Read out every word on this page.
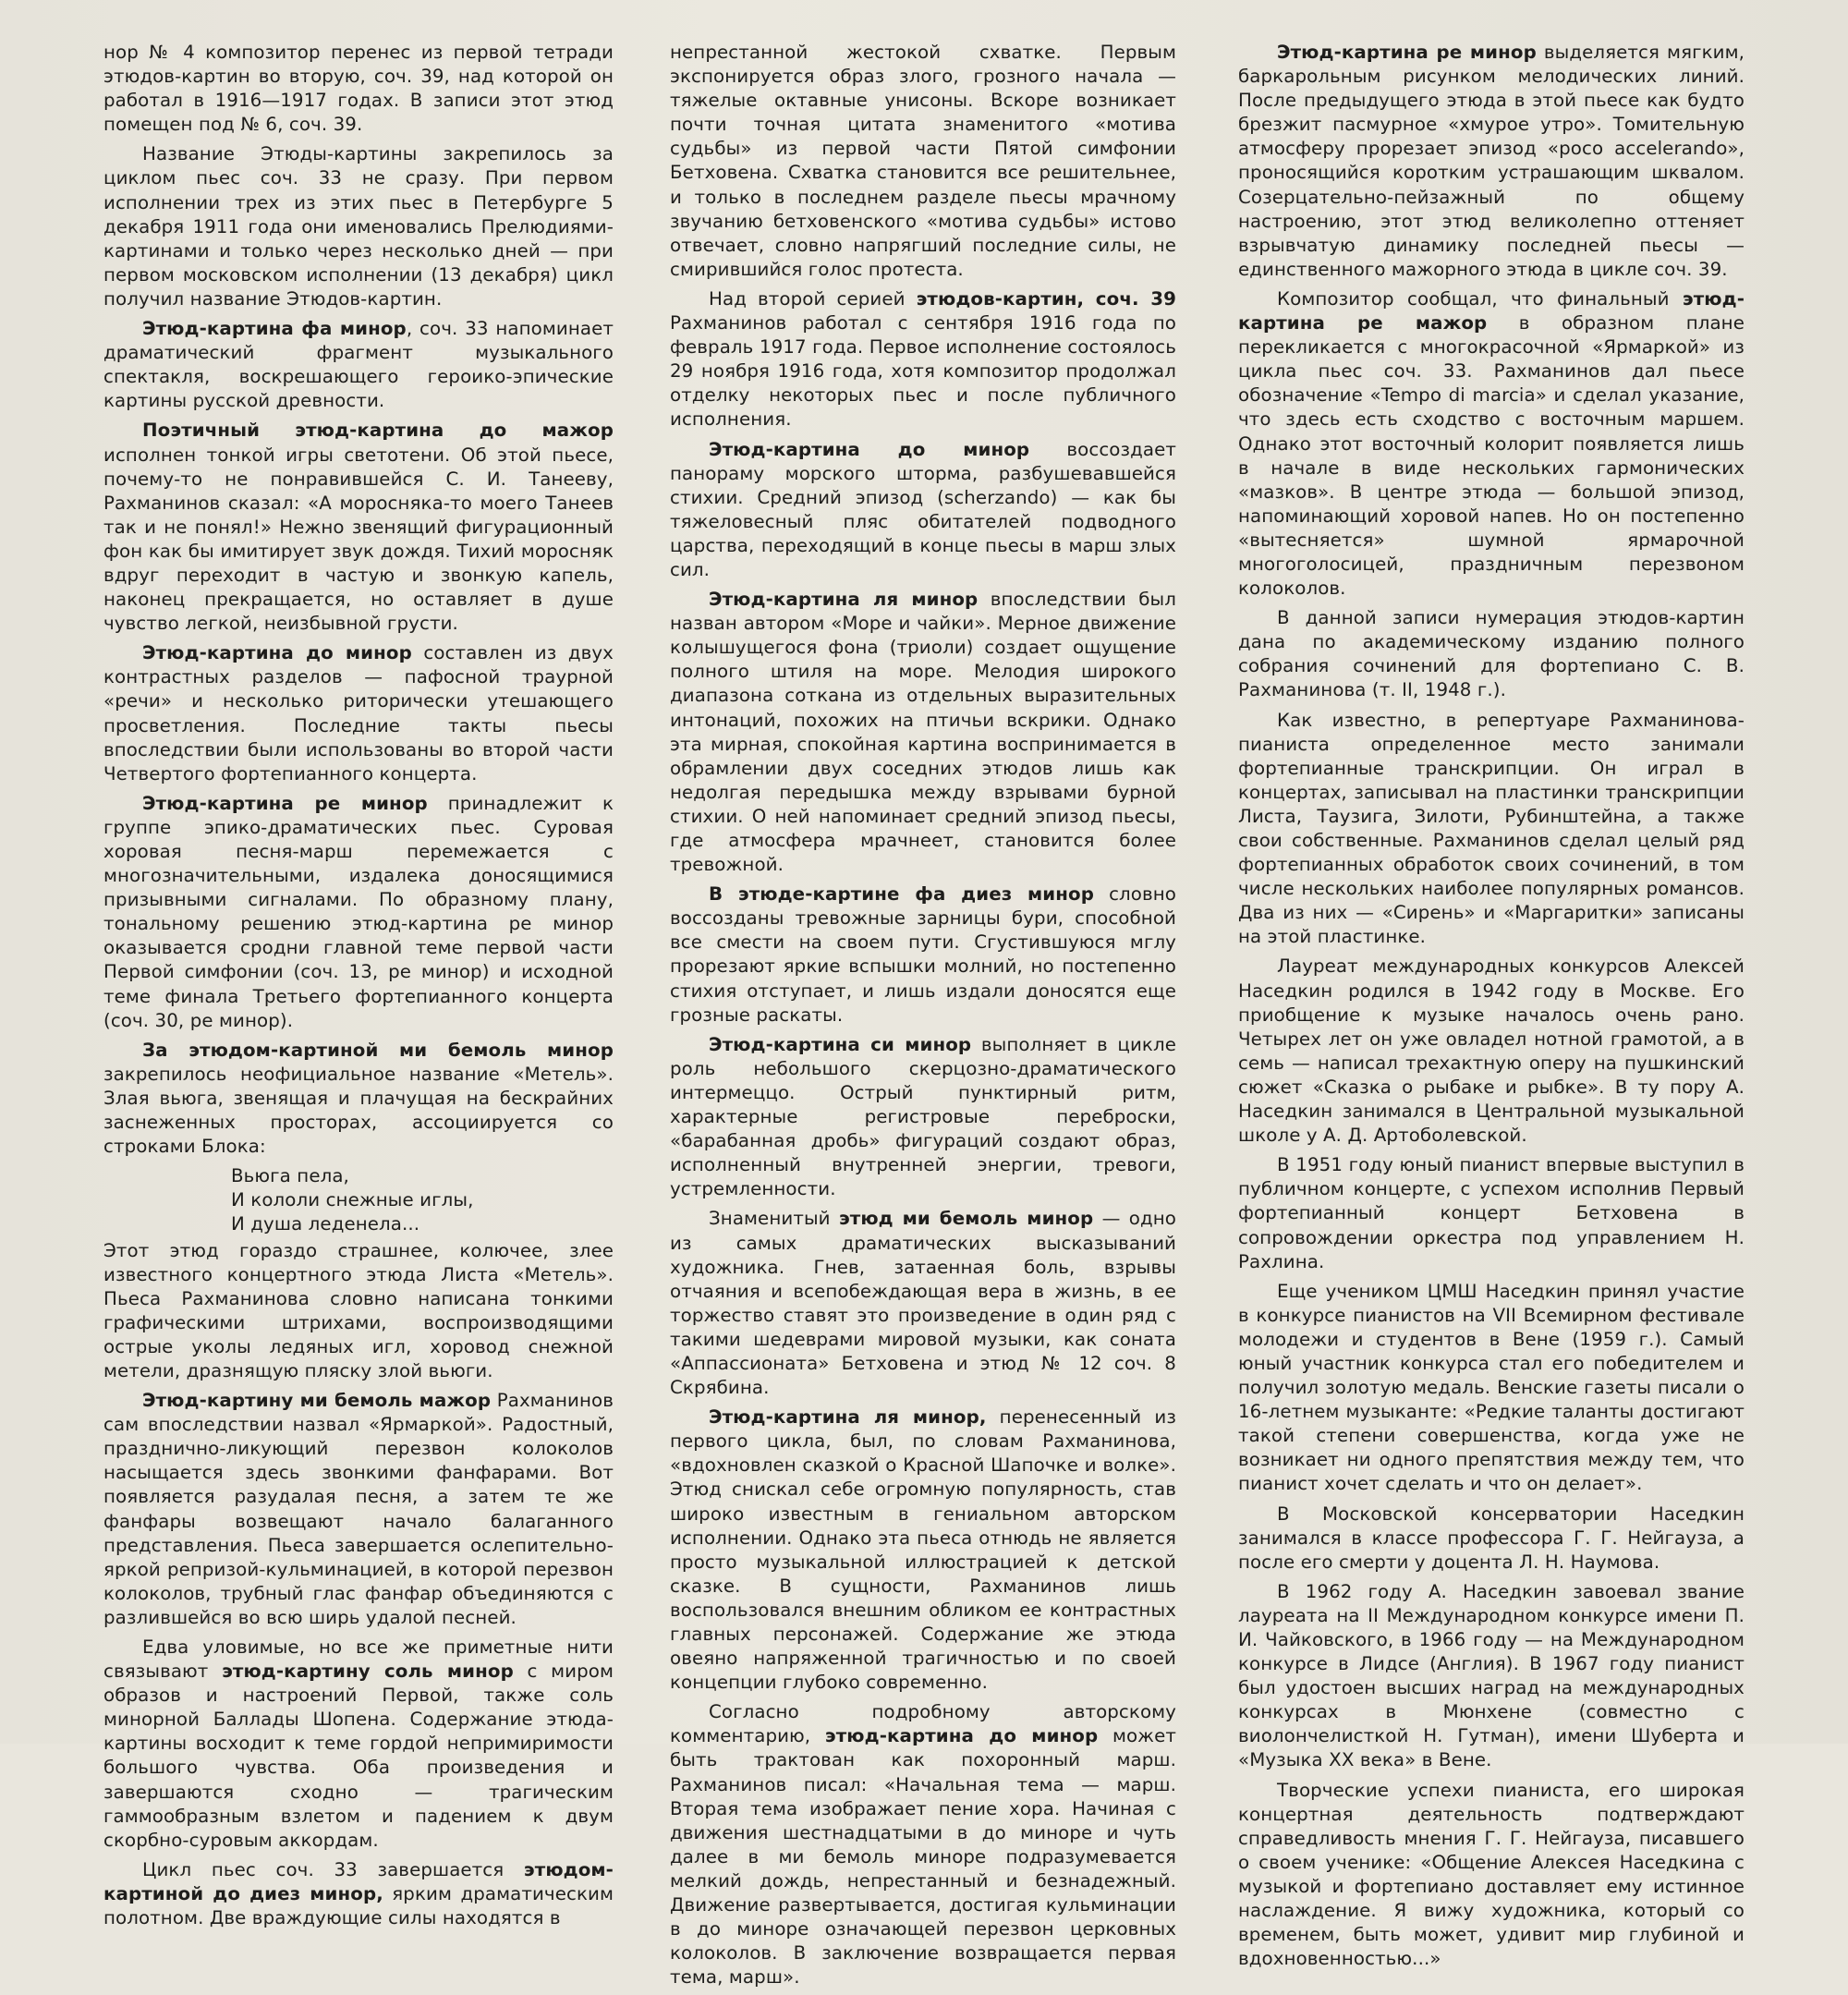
нор № 4 композитор перенес из первой тетради этюдов-картин во вторую, соч. 39, над которой он работал в 1916—1917 годах. В записи этот этюд помещен под № 6, соч. 39.

Название Этюды-картины закрепилось за циклом пьес соч. 33 не сразу. При первом исполнении трех из этих пьес в Петербурге 5 декабря 1911 года они именовались Прелюдиями-картинами и только через несколько дней — при первом московском исполнении (13 декабря) цикл получил название Этюдов-картин.

Этюд-картина фа минор, соч. 33 напоминает драматический фрагмент музыкального спектакля, воскрешающего героико-эпические картины русской древности.

Поэтичный этюд-картина до мажор исполнен тонкой игры светотени. Об этой пьесе, почему-то не понравившейся С. И. Танееву, Рахманинов сказал: «А моросняка-то моего Танеев так и не понял!» Нежно звенящий фигурационный фон как бы имитирует звук дождя. Тихий моросняк вдруг переходит в частую и звонкую капель, наконец прекращается, но оставляет в душе чувство легкой, неизбывной грусти.

Этюд-картина до минор составлен из двух контрастных разделов — пафосной траурной «речи» и несколько риторически утешающего просветления. Последние такты пьесы впоследствии были использованы во второй части Четвертого фортепианного концерта.

Этюд-картина ре минор принадлежит к группе эпико-драматических пьес. Суровая хоровая песня-марш перемежается с многозначительными, издалека доносящимися призывными сигналами. По образному плану, тональному решению этюд-картина ре минор оказывается сродни главной теме первой части Первой симфонии (соч. 13, ре минор) и исходной теме финала Третьего фортепианного концерта (соч. 30, ре минор).

За этюдом-картиной ми бемоль минор закрепилось неофициальное название «Метель». Злая вьюга, звенящая и плачущая на бескрайних заснеженных просторах, ассоциируется со строками Блока:

Вьюга пела,
И кололи снежные иглы,
И душа леденела...

Этот этюд гораздо страшнее, колючее, злее известного концертного этюда Листа «Метель». Пьеса Рахманинова словно написана тонкими графическими штрихами, воспроизводящими острые уколы ледяных игл, хоровод снежной метели, дразнящую пляску злой вьюги.

Этюд-картину ми бемоль мажор Рахманинов сам впоследствии назвал «Ярмаркой». Радостный, празднично-ликующий перезвон колоколов насыщается здесь звонкими фанфарами. Вот появляется разудалая песня, а затем те же фанфары возвещают начало балаганного представления. Пьеса завершается ослепительно-яркой репризой-кульминацией, в которой перезвон колоколов, трубный глас фанфар объединяются с разлившейся во всю ширь удалой песней.

Едва уловимые, но все же приметные нити связывают этюд-картину соль минор с миром образов и настроений Первой, также соль минорной Баллады Шопена. Содержание этюда-картины восходит к теме гордой непримиримости большого чувства. Оба произведения и завершаются сходно — трагическим гаммообразным взлетом и падением к двум скорбно-суровым аккордам.

Цикл пьес соч. 33 завершается этюдом-картиной до диез минор, ярким драматическим полотном. Две враждующие силы находятся в

непрестанной жестокой схватке. Первым экспонируется образ злого, грозного начала — тяжелые октавные унисоны. Вскоре возникает почти точная цитата знаменитого «мотива судьбы» из первой части Пятой симфонии Бетховена. Схватка становится все решительнее, и только в последнем разделе пьесы мрачному звучанию бетховенского «мотива судьбы» истово отвечает, словно напрягший последние силы, не смирившийся голос протеста.

Над второй серией этюдов-картин, соч. 39 Рахманинов работал с сентября 1916 года по февраль 1917 года. Первое исполнение состоялось 29 ноября 1916 года, хотя композитор продолжал отделку некоторых пьес и после публичного исполнения.

Этюд-картина до минор воссоздает панораму морского шторма, разбушевавшейся стихии. Средний эпизод (scherzando) — как бы тяжеловесный пляс обитателей подводного царства, переходящий в конце пьесы в марш злых сил.

Этюд-картина ля минор впоследствии был назван автором «Море и чайки». Мерное движение колышущегося фона (триоли) создает ощущение полного штиля на море. Мелодия широкого диапазона соткана из отдельных выразительных интонаций, похожих на птичьи вскрики. Однако эта мирная, спокойная картина воспринимается в обрамлении двух соседних этюдов лишь как недолгая передышка между взрывами бурной стихии. О ней напоминает средний эпизод пьесы, где атмосфера мрачнеет, становится более тревожной.

В этюде-картине фа диез минор словно воссозданы тревожные зарницы бури, способной все смести на своем пути. Сгустившуюся мглу прорезают яркие вспышки молний, но постепенно стихия отступает, и лишь издали доносятся еще грозные раскаты.

Этюд-картина си минор выполняет в цикле роль небольшого скерцозно-драматического интермеццо. Острый пунктирный ритм, характерные регистровые переброски, «барабанная дробь» фигураций создают образ, исполненный внутренней энергии, тревоги, устремленности.

Знаменитый этюд ми бемоль минор — одно из самых драматических высказываний художника. Гнев, затаенная боль, взрывы отчаяния и всепобеждающая вера в жизнь, в ее торжество ставят это произведение в один ряд с такими шедеврами мировой музыки, как соната «Аппассионата» Бетховена и этюд № 12 соч. 8 Скрябина.

Этюд-картина ля минор, перенесенный из первого цикла, был, по словам Рахманинова, «вдохновлен сказкой о Красной Шапочке и волке». Этюд снискал себе огромную популярность, став широко известным в гениальном авторском исполнении. Однако эта пьеса отнюдь не является просто музыкальной иллюстрацией к детской сказке. В сущности, Рахманинов лишь воспользовался внешним обликом ее контрастных главных персонажей. Содержание же этюда овеяно напряженной трагичностью и по своей концепции глубоко современно.

Согласно подробному авторскому комментарию, этюд-картина до минор может быть трактован как похоронный марш. Рахманинов писал: «Начальная тема — марш. Вторая тема изображает пение хора. Начиная с движения шестнадцатыми в до миноре и чуть далее в ми бемоль миноре подразумевается мелкий дождь, непрестанный и безнадежный. Движение развертывается, достигая кульминации в до миноре означающей перезвон церковных колоколов. В заключение возвращается первая тема, марш».

Этюд-картина ре минор выделяется мягким, баркарольным рисунком мелодических линий. После предыдущего этюда в этой пьесе как будто брезжит пасмурное «хмурое утро». Томительную атмосферу прорезает эпизод «poco accelerando», проносящийся коротким устрашающим шквалом. Созерцательно-пейзажный по общему настроению, этот этюд великолепно оттеняет взрывчатую динамику последней пьесы — единственного мажорного этюда в цикле соч. 39.

Композитор сообщал, что финальный этюд-картина ре мажор в образном плане перекликается с многокрасочной «Ярмаркой» из цикла пьес соч. 33. Рахманинов дал пьесе обозначение «Tempo di marcia» и сделал указание, что здесь есть сходство с восточным маршем. Однако этот восточный колорит появляется лишь в начале в виде нескольких гармонических «мазков». В центре этюда — большой эпизод, напоминающий хоровой напев. Но он постепенно «вытесняется» шумной ярмарочной многоголосицей, праздничным перезвоном колоколов.

В данной записи нумерация этюдов-картин дана по академическому изданию полного собрания сочинений для фортепиано С. В. Рахманинова (т. II, 1948 г.).

Как известно, в репертуаре Рахманинова-пианиста определенное место занимали фортепианные транскрипции. Он играл в концертах, записывал на пластинки транскрипции Листа, Таузига, Зилоти, Рубинштейна, а также свои собственные. Рахманинов сделал целый ряд фортепианных обработок своих сочинений, в том числе нескольких наиболее популярных романсов. Два из них — «Сирень» и «Маргаритки» записаны на этой пластинке.

Лауреат международных конкурсов Алексей Наседкин родился в 1942 году в Москве. Его приобщение к музыке началось очень рано. Четырех лет он уже овладел нотной грамотой, а в семь — написал трехактную оперу на пушкинский сюжет «Сказка о рыбаке и рыбке». В ту пору А. Наседкин занимался в Центральной музыкальной школе у А. Д. Артоболевской.

В 1951 году юный пианист впервые выступил в публичном концерте, с успехом исполнив Первый фортепианный концерт Бетховена в сопровождении оркестра под управлением Н. Рахлина.

Еще учеником ЦМШ Наседкин принял участие в конкурсе пианистов на VII Всемирном фестивале молодежи и студентов в Вене (1959 г.). Самый юный участник конкурса стал его победителем и получил золотую медаль. Венские газеты писали о 16-летнем музыканте: «Редкие таланты достигают такой степени совершенства, когда уже не возникает ни одного препятствия между тем, что пианист хочет сделать и что он делает».

В Московской консерватории Наседкин занимался в классе профессора Г. Г. Нейгауза, а после его смерти у доцента Л. Н. Наумова.

В 1962 году А. Наседкин завоевал звание лауреата на II Международном конкурсе имени П. И. Чайковского, в 1966 году — на Международном конкурсе в Лидсе (Англия). В 1967 году пианист был удостоен высших наград на международных конкурсах в Мюнхене (совместно с виолончелисткой Н. Гутман), имени Шуберта и «Музыка XX века» в Вене.

Творческие успехи пианиста, его широкая концертная деятельность подтверждают справедливость мнения Г. Г. Нейгауза, писавшего о своем ученике: «Общение Алексея Наседкина с музыкой и фортепиано доставляет ему истинное наслаждение. Я вижу художника, который со временем, быть может, удивит мир глубиной и вдохновенностью...»
